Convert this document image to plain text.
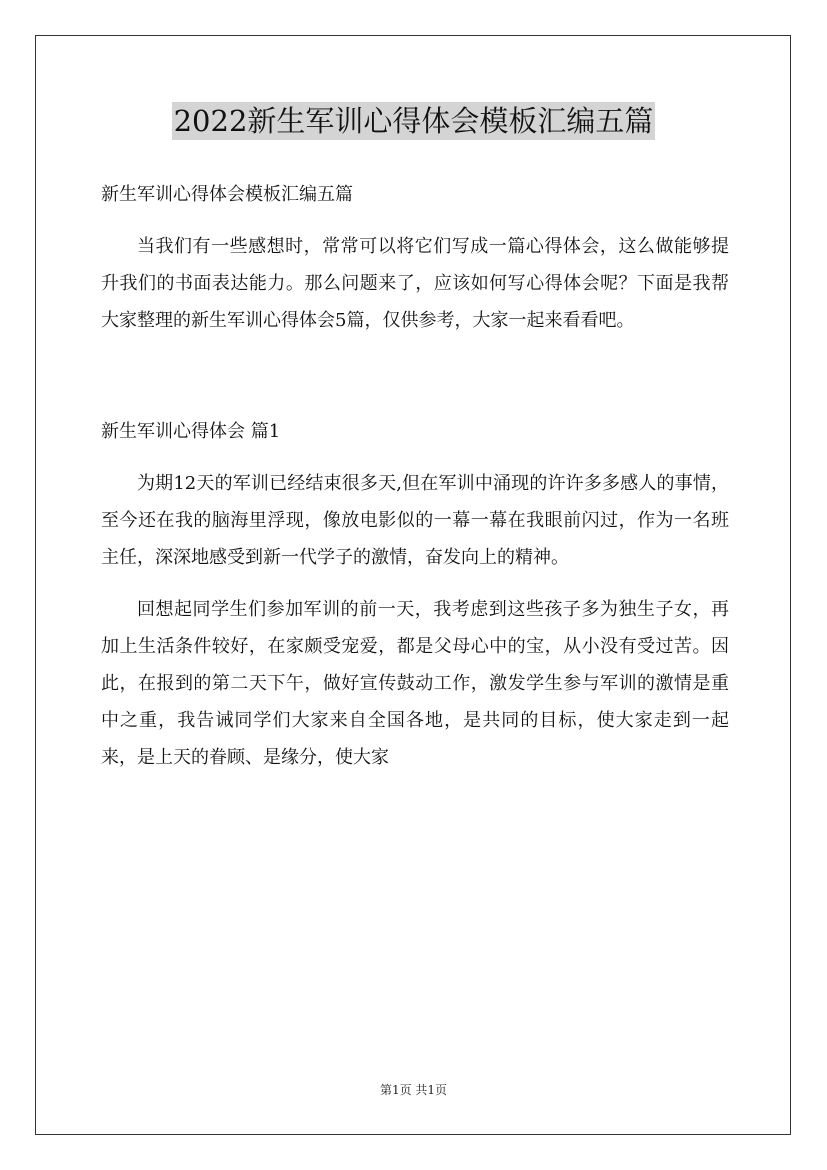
2022新生军训心得体会模板汇编五篇

新生军训心得体会模板汇编五篇

当我们有一些感想时，常常可以将它们写成一篇心得体会，这么做能够提升我们的书面表达能力。那么问题来了，应该如何写心得体会呢？下面是我帮大家整理的新生军训心得体会5篇，仅供参考，大家一起来看看吧。

新生军训心得体会 篇1

为期12天的军训已经结束很多天,但在军训中涌现的许许多多感人的事情，至今还在我的脑海里浮现，像放电影似的一幕一幕在我眼前闪过，作为一名班主任，深深地感受到新一代学子的激情，奋发向上的精神。

回想起同学生们参加军训的前一天，我考虑到这些孩子多为独生子女，再加上生活条件较好，在家颇受宠爱，都是父母心中的宝，从小没有受过苦。因此，在报到的第二天下午，做好宣传鼓动工作，激发学生参与军训的激情是重中之重，我告诫同学们大家来自全国各地，是共同的目标，使大家走到一起来，是上天的眷顾、是缘分，使大家

第1页 共1页
